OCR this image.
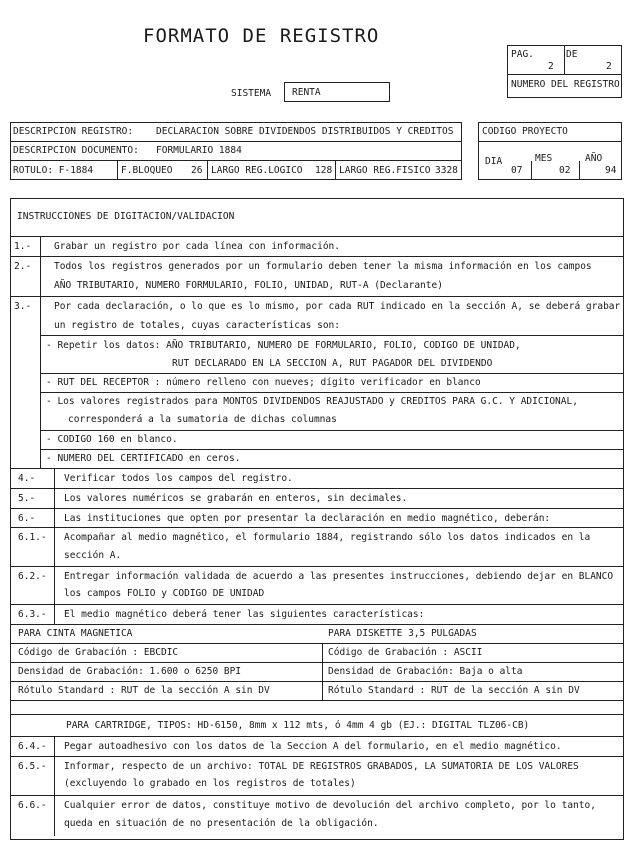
FORMATO DE REGISTRO
PAG.	DE
2	2
NUMERO DEL REGISTRO
SISTEMA RENTA
DESCRIPCION REGISTRO: DECLARACION SOBRE DIVIDENDOS DISTRIBUIDOS Y CREDITOS
DESCRIPCION DOCUMENTO: FORMULARIO 1884
ROTULO: F-1884	F.BLOQUEO 26 LARGO REG.LOGICO 128 LARGO REG.FISICO 3328
CODIGO PROYECTO
DIA	MES	AÑO
07	02	94
INSTRUCCIONES DE DIGITACION/VALIDACION
1.- Grabar un registro por cada línea con información.
2.- Todos los registros generados por un formulario deben tener la misma información en los campos
AÑO TRIBUTARIO, NUMERO FORMULARIO, FOLIO, UNIDAD, RUT-A (Declarante)
3.- Por cada declaración, o lo que es lo mismo, por cada RUT indicado en la sección A, se deberá grabar
un registro de totales, cuyas características son:
- Repetir los datos: AÑO TRIBUTARIO, NUMERO DE FORMULARIO, FOLIO, CODIGO DE UNIDAD,
RUT DECLARADO EN LA SECCION A, RUT PAGADOR DEL DIVIDENDO
- RUT DEL RECEPTOR : número relleno con nueves; dígito verificador en blanco
- Los valores registrados para MONTOS DIVIDENDOS REAJUSTADO y CREDITOS PARA G.C. Y ADICIONAL,
corresponderá a la sumatoria de dichas columnas
- CODIGO 160 en blanco.
- NUMERO DEL CERTIFICADO en ceros.
4.-	Verificar todos los campos del registro.
5.-	Los valores numéricos se grabarán en enteros, sin decimales.
6.-	Las instituciones que opten por presentar la declaración en medio magnético, deberán:
6.1.- Acompañar al medio magnético, el formulario 1884, registrando sólo los datos indicados en la
sección A.
6.2.- Entregar información validada de acuerdo a las presentes instrucciones, debiendo dejar en BLANCO
los campos FOLIO y CODIGO DE UNIDAD
6.3.- El medio magnético deberá tener las siguientes características:
PARA CINTA MAGNETICA	PARA DISKETTE 3,5 PULGADAS
Código de Grabación : EBCDIC	Código de Grabación : ASCII
Densidad de Grabación: 1.600 o 6250 BPI	Densidad de Grabación: Baja o alta
Rótulo Standard : RUT de la sección A sin DV	Rótulo Standard : RUT de la sección A sin DV
PARA CARTRIDGE, TIPOS: HD-6150, 8mm x 112 mts, ó 4mm 4 gb (EJ.: DIGITAL TLZ06-CB)
6.4.- Pegar autoadhesivo con los datos de la Seccion A del formulario, en el medio magnético.
6.5.- Informar, respecto de un archivo: TOTAL DE REGISTROS GRABADOS, LA SUMATORIA DE LOS VALORES
(excluyendo lo grabado en los registros de totales)
6.6.- Cualquier error de datos, constituye motivo de devolución del archivo completo, por lo tanto,
queda en situación de no presentación de la obligación.
